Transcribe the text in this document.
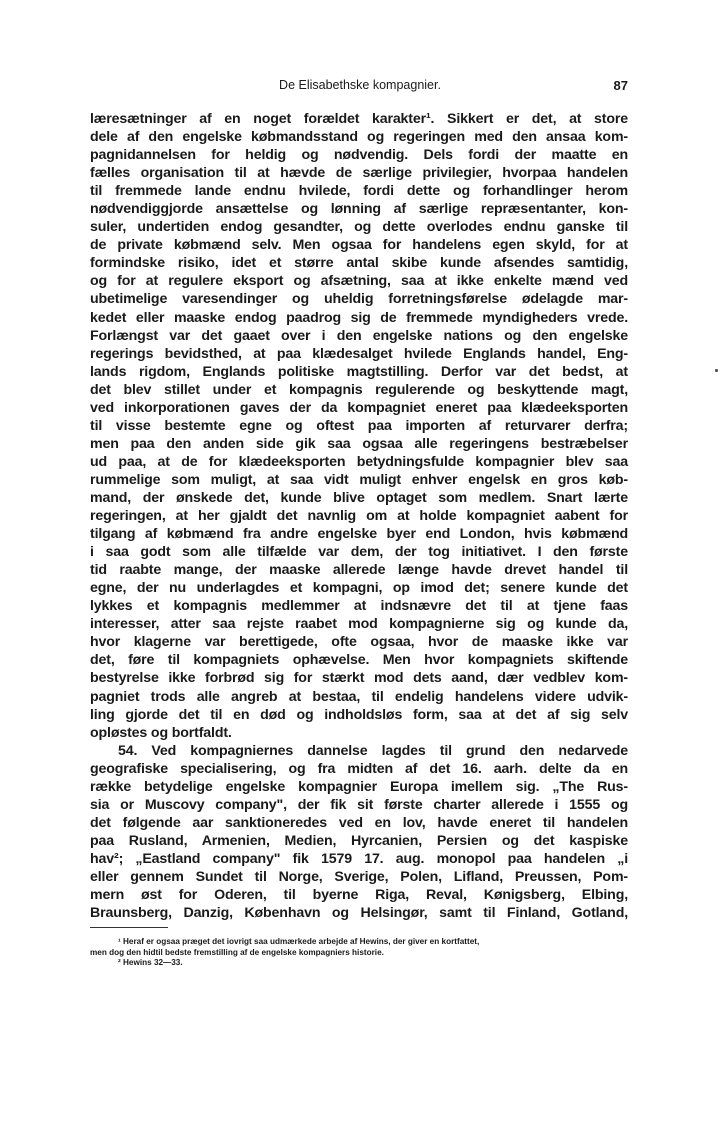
De Elisabethske kompagnier.	87
læresætninger af en noget forældet karakter¹. Sikkert er det, at store
dele af den engelske købmandsstand og regeringen med den ansaa kom-
pagnidannelsen for heldig og nødvendig. Dels fordi der maatte en
fælles organisation til at hævde de særlige privilegier, hvorpaa handelen
til fremmede lande endnu hvilede, fordi dette og forhandlinger herom
nødvendiggjorde ansættelse og lønning af særlige repræsentanter, kon-
suler, undertiden endog gesandter, og dette overlodes endnu ganske til
de private købmænd selv. Men ogsaa for handelens egen skyld, for at
formindske risiko, idet et større antal skibe kunde afsendes samtidig,
og for at regulere eksport og afsætning, saa at ikke enkelte mænd ved
ubetimelige varesendinger og uheldig forretningsførelse ødelagde mar-
kedet eller maaske endog paadrog sig de fremmede myndigheders vrede.
Forlængst var det gaaet over i den engelske nations og den engelske
regerings bevidsthed, at paa klædesalget hvilede Englands handel, Eng-
lands rigdom, Englands politiske magtstilling. Derfor var det bedst, at
det blev stillet under et kompagnis regulerende og beskyttende magt,
ved inkorporationen gaves der da kompagniet eneret paa klædeeksporten
til visse bestemte egne og oftest paa importen af returvarer derfra;
men paa den anden side gik saa ogsaa alle regeringens bestræbelser
ud paa, at de for klædeeksporten betydningsfulde kompagnier blev saa
rummelige som muligt, at saa vidt muligt enhver engelsk en gros køb-
mand, der ønskede det, kunde blive optaget som medlem. Snart lærte
regeringen, at her gjaldt det navnlig om at holde kompagniet aabent for
tilgang af købmænd fra andre engelske byer end London, hvis købmænd
i saa godt som alle tilfælde var dem, der tog initiativet. I den første
tid raabte mange, der maaske allerede længe havde drevet handel til
egne, der nu underlagdes et kompagni, op imod det; senere kunde det
lykkes et kompagnis medlemmer at indsnævre det til at tjene faas
interesser, atter saa rejste raabet mod kompagnierne sig og kunde da,
hvor klagerne var berettigede, ofte ogsaa, hvor de maaske ikke var
det, føre til kompagniets ophævelse. Men hvor kompagniets skiftende
bestyrelse ikke forbrød sig for stærkt mod dets aand, dær vedblev kom-
pagniet trods alle angreb at bestaa, til endelig handelens videre udvik-
ling gjorde det til en død og indholdsløs form, saa at det af sig selv
opløstes og bortfaldt.
54. Ved kompagniernes dannelse lagdes til grund den nedarvede
geografiske specialisering, og fra midten af det 16. aarh. delte da en
række betydelige engelske kompagnier Europa imellem sig. „The Rus-
sia or Muscovy company", der fik sit første charter allerede i 1555 og
det følgende aar sanktioneredes ved en lov, havde eneret til handelen
paa Rusland, Armenien, Medien, Hyrcanien, Persien og det kaspiske
hav²; „Eastland company" fik 1579 17. aug. monopol paa handelen „i
eller gennem Sundet til Norge, Sverige, Polen, Lifland, Preussen, Pom-
mern øst for Oderen, til byerne Riga, Reval, Kønigsberg, Elbing,
Braunsberg, Danzig, København og Helsingør, samt til Finland, Gotland,
¹ Heraf er ogsaa præget det iovrigt saa udmærkede arbejde af Hewins, der giver en kortfattet,
men dog den hidtil bedste fremstilling af de engelske kompagniers historie.
² Hewins 32—33.
